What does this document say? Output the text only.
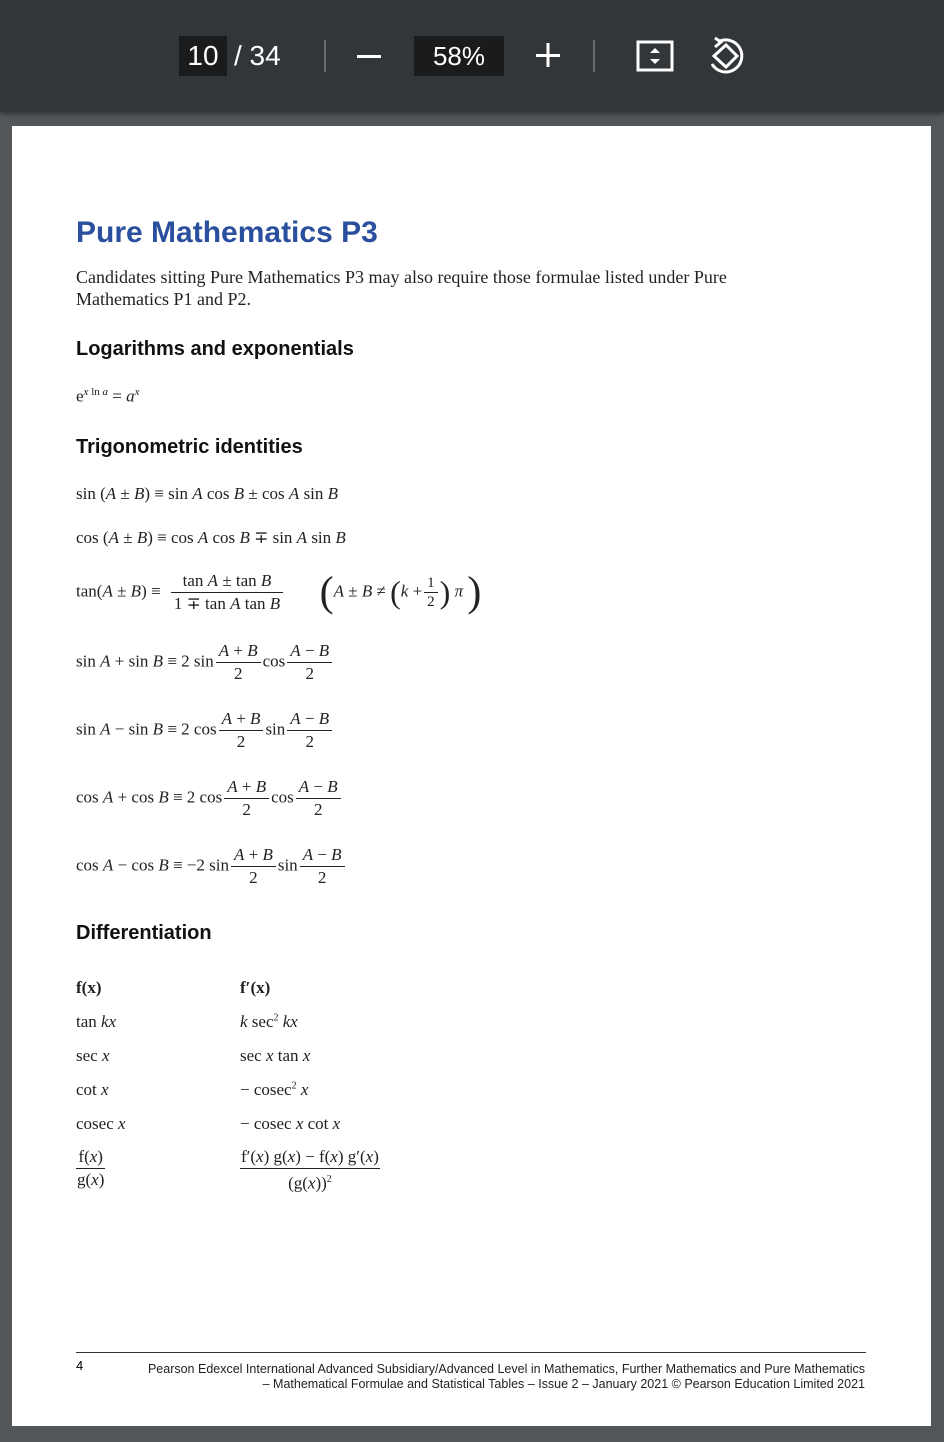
10 / 34	58%
Pure Mathematics P3
Candidates sitting Pure Mathematics P3 may also require those formulae listed under Pure Mathematics P1 and P2.
Logarithms and exponentials
$e^{x ln a} = a^x$
Trigonometric identities
sin (A ± B) ≡ sin A cos B ± cos A sin B
cos (A ± B) ≡ cos A cos B ∓ sin A sin B
$\tan(A \pm B) \equiv \frac{\text{tan A ± tan B}}{\text{1 ∓ tan A tan B}} (A \pm B \ne (k + \frac{1}{2}$ ) π )
sin A + sin B ≡ 2 $\sin \frac{A + B}{2}$ $\cos \frac{A - B}{2}$
sin A − sin B ≡ 2 $\cos \frac{A + B}{2}$ $\sin \frac{A - B}{2}$
cos A + cos B ≡ 2 $\cos \frac{A + B}{2}$ $\cos \frac{A - B}{2}$
cos A − cos B ≡ −2 $\sin \frac{A + B}{2}$ $\sin \frac{A - B}{2}$
Differentiation
f(x)	f′(x)
tan kx	k $\sec^2$ kx
sec x	sec x tan x
cot x	− cosec$^2$ x
cosec x	− cosec x cot x
$\frac{f(x)}{g(x)}$	$\frac{f'(x) g(x) - f(x) g'(x)}{(g(x))^2}$
4	Pearson Edexcel International Advanced Subsidiary/Advanced Level in Mathematics, Further Mathematics and Pure Mathematics – Mathematical Formulae and Statistical Tables – Issue 2 – January 2021 © Pearson Education Limited 2021
